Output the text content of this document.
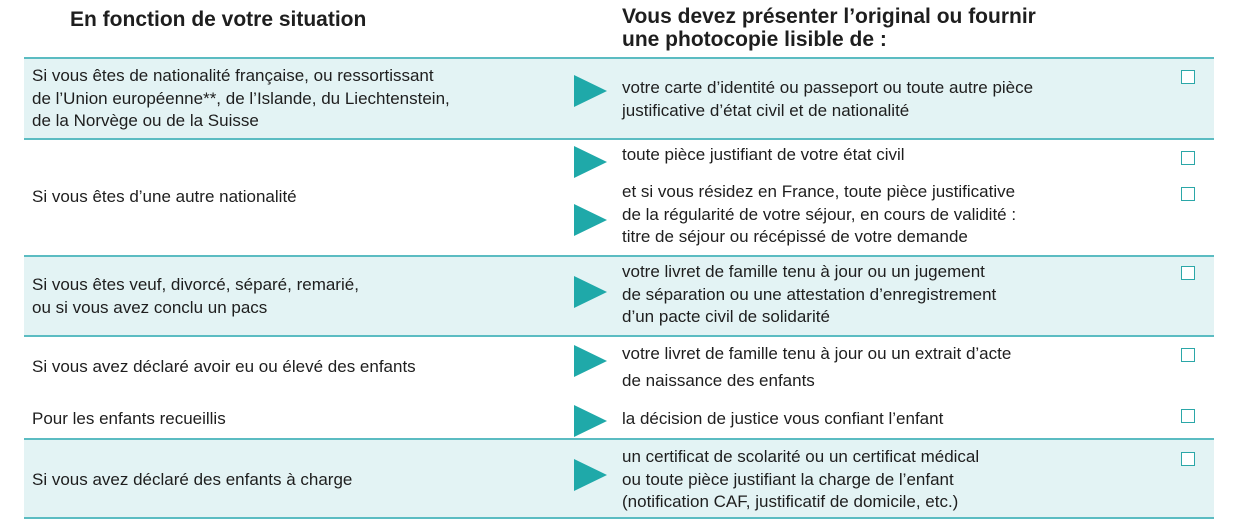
En fonction de votre situation	Vous devez présenter l’original ou fournir
une photocopie lisible de :
Si vous êtes de nationalité française, ou ressortissant
de l’Union européenne**, de l’Islande, du Liechtenstein,
de la Norvège ou de la Suisse
votre carte d’identité ou passeport ou toute autre pièce
justificative d’état civil et de nationalité
Si vous êtes d’une autre nationalité
toute pièce justifiant de votre état civil
et si vous résidez en France, toute pièce justificative
de la régularité de votre séjour, en cours de validité :
titre de séjour ou récépissé de votre demande
Si vous êtes veuf, divorcé, séparé, remarié,
ou si vous avez conclu un pacs
votre livret de famille tenu à jour ou un jugement
de séparation ou une attestation d’enregistrement
d’un pacte civil de solidarité
Si vous avez déclaré avoir eu ou élevé des enfants
votre livret de famille tenu à jour ou un extrait d’acte
de naissance des enfants
Pour les enfants recueillis	la décision de justice vous confiant l’enfant
Si vous avez déclaré des enfants à charge
un certificat de scolarité ou un certificat médical
ou toute pièce justifiant la charge de l’enfant
(notification CAF, justificatif de domicile, etc.)
